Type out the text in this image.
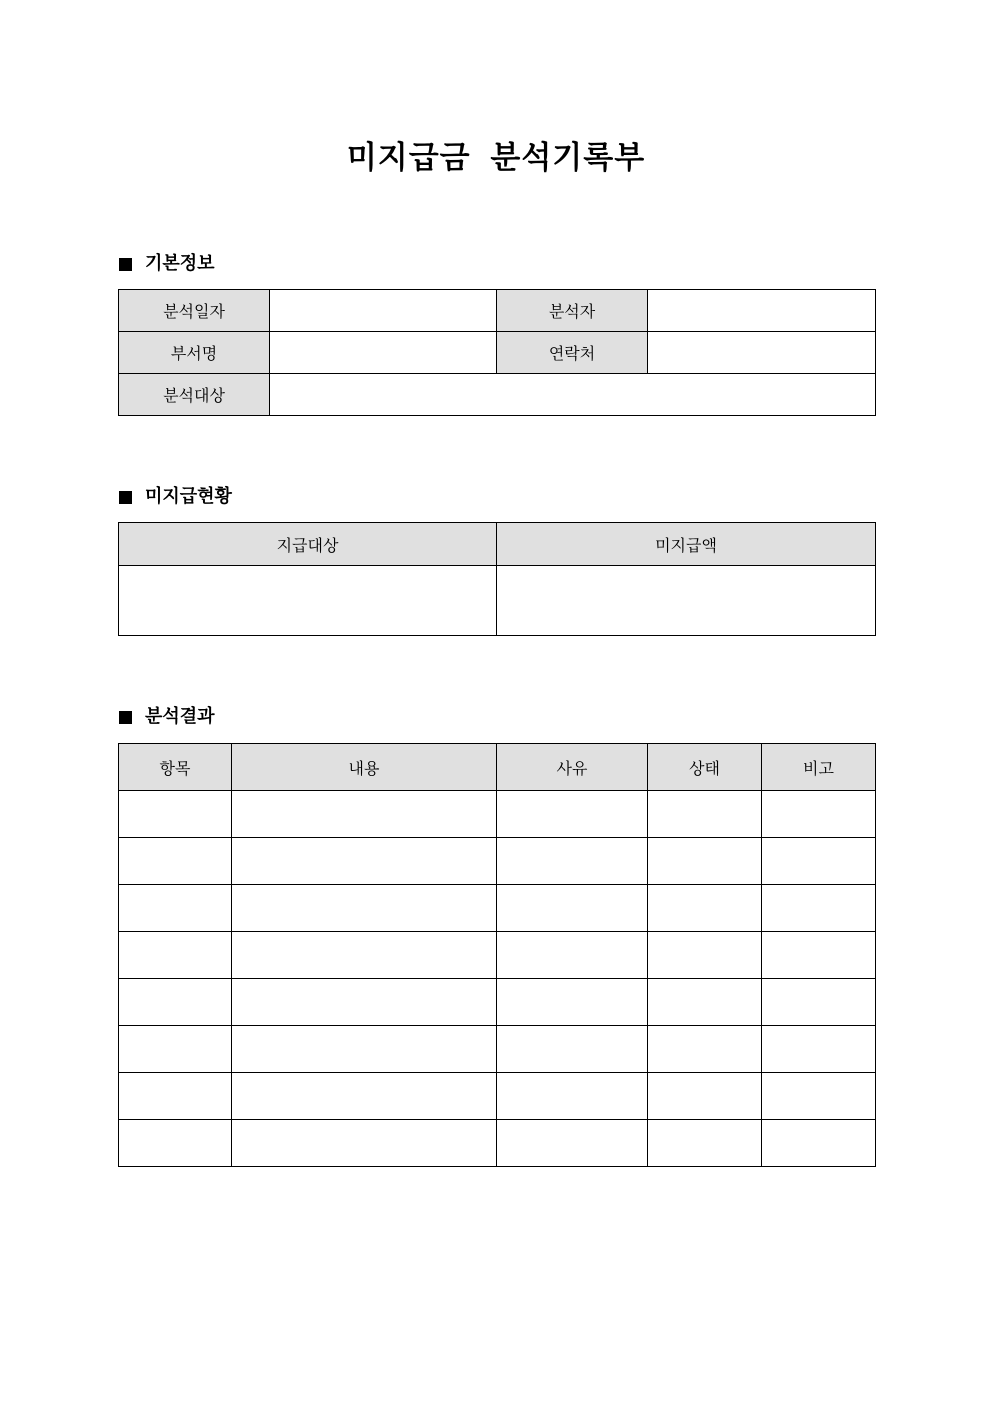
미지급금 분석기록부
기본정보
분석일자		분석자	
부서명		연락처	
분석대상			
미지급현황
지급대상	미지급액

분석결과
항목	내용	사유	상태	비고
